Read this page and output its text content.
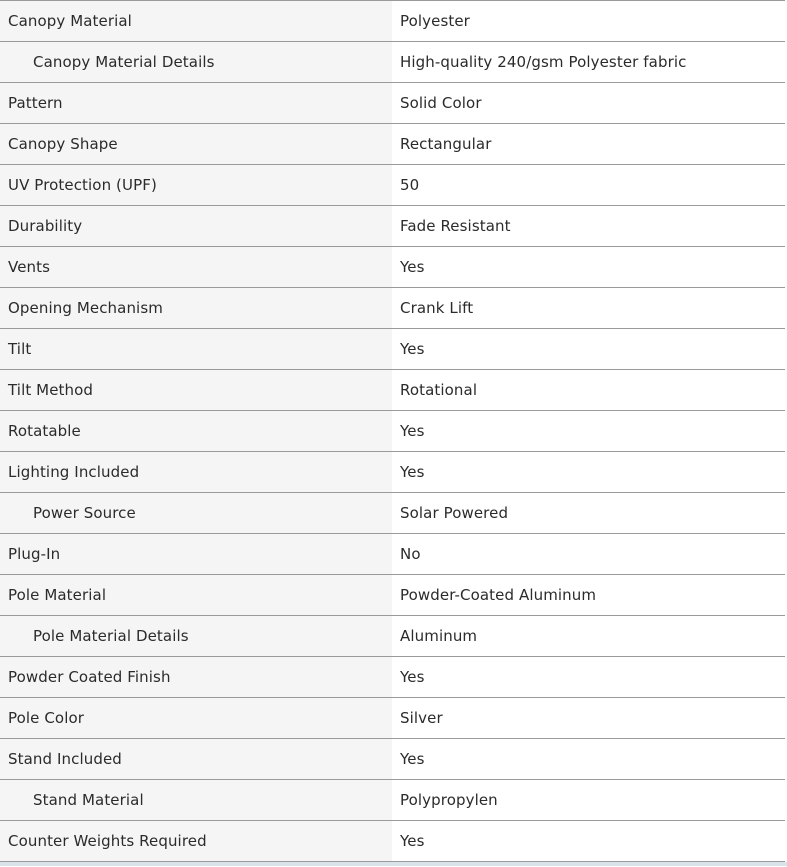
Canopy Material	Polyester
Canopy Material Details	High-quality 240/gsm Polyester fabric
Pattern	Solid Color
Canopy Shape	Rectangular
UV Protection (UPF)	50
Durability	Fade Resistant
Vents	Yes
Opening Mechanism	Crank Lift
Tilt	Yes
Tilt Method	Rotational
Rotatable	Yes
Lighting Included	Yes
Power Source	Solar Powered
Plug-In	No
Pole Material	Powder-Coated Aluminum
Pole Material Details	Aluminum
Powder Coated Finish	Yes
Pole Color	Silver
Stand Included	Yes
Stand Material	Polypropylen
Counter Weights Required	Yes
